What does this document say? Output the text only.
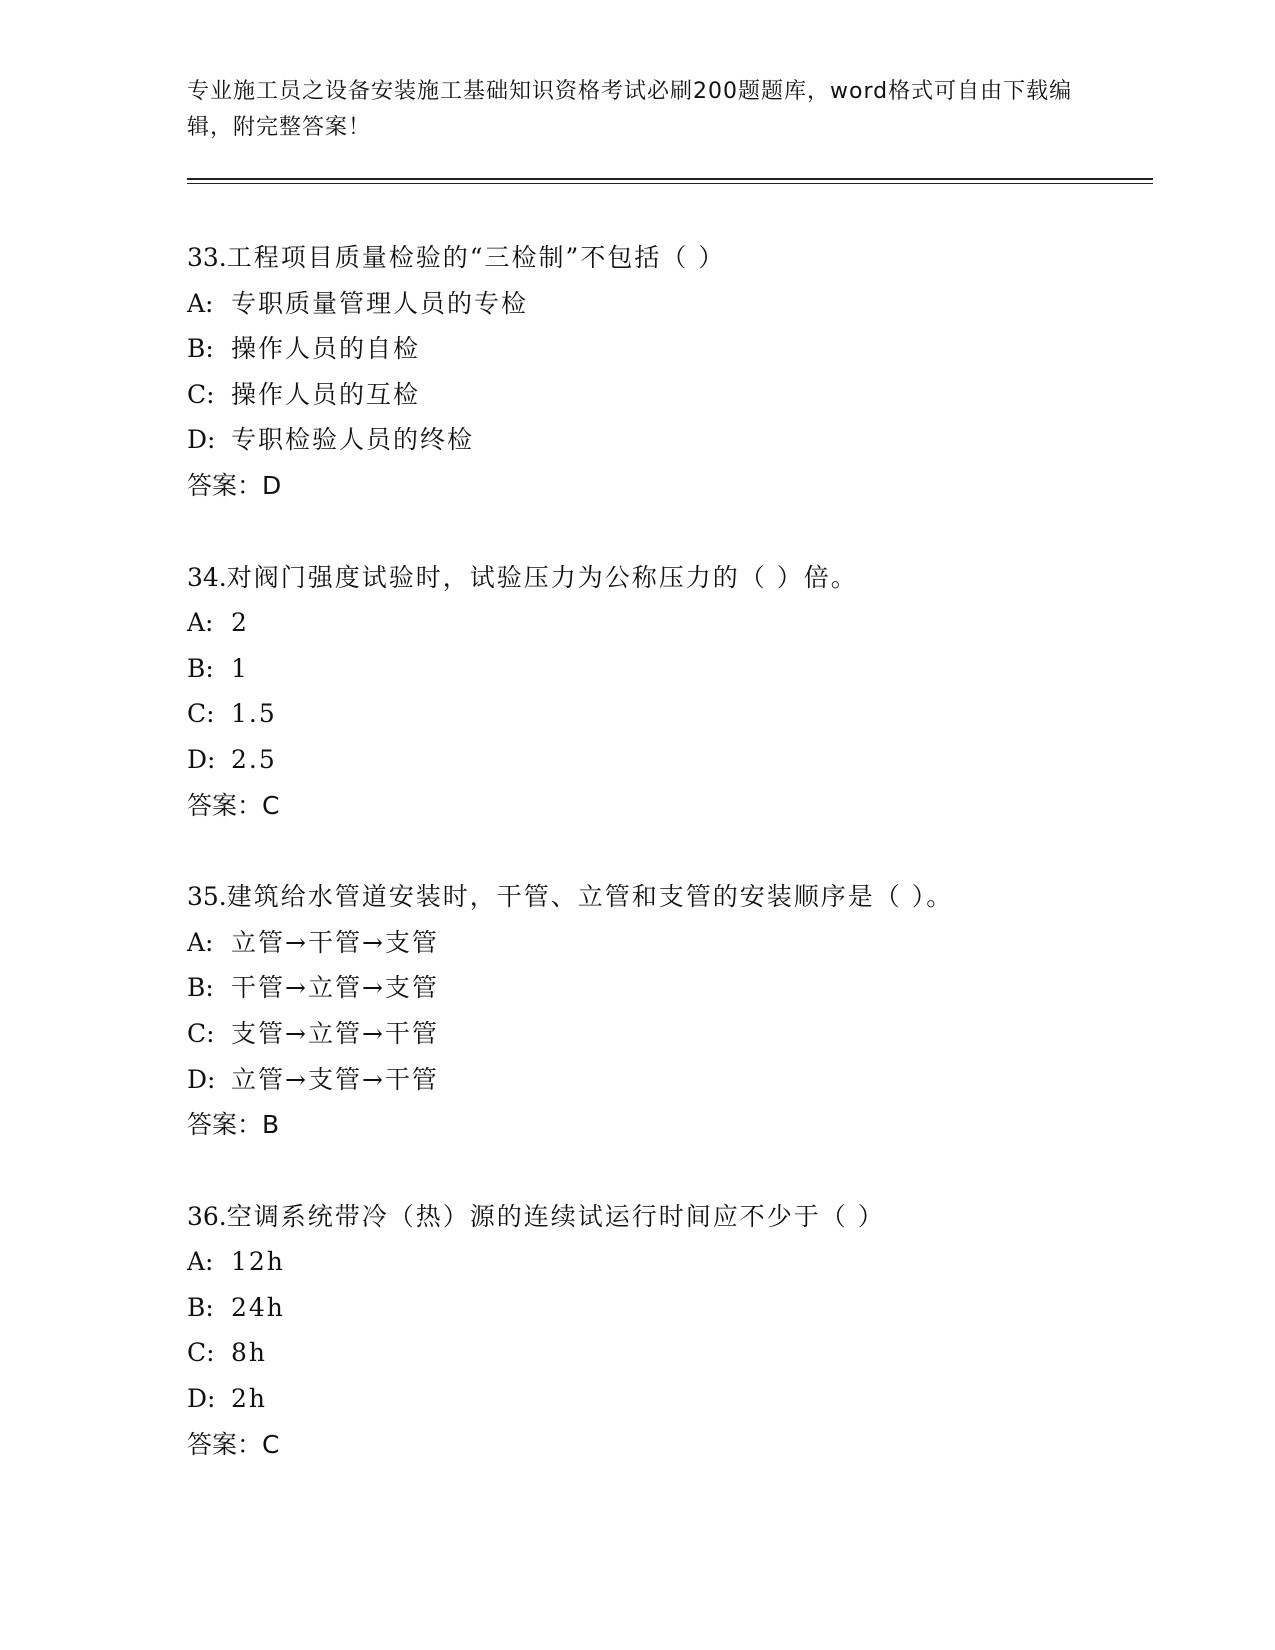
专业施工员之设备安装施工基础知识资格考试必刷200题题库，word格式可自由下载编辑，附完整答案！
33.工程项目质量检验的“三检制”不包括（ ）
A: 专职质量管理人员的专检
B: 操作人员的自检
C: 操作人员的互检
D: 专职检验人员的终检
答案：D
34.对阀门强度试验时，试验压力为公称压力的（ ）倍。
A: 2
B: 1
C: 1.5
D: 2.5
答案：C
35.建筑给水管道安装时，干管、立管和支管的安装顺序是（ ）。
A: 立管→干管→支管
B: 干管→立管→支管
C: 支管→立管→干管
D: 立管→支管→干管
答案：B
36.空调系统带冷（热）源的连续试运行时间应不少于（ ）
A: 12h
B: 24h
C: 8h
D: 2h
答案：C
